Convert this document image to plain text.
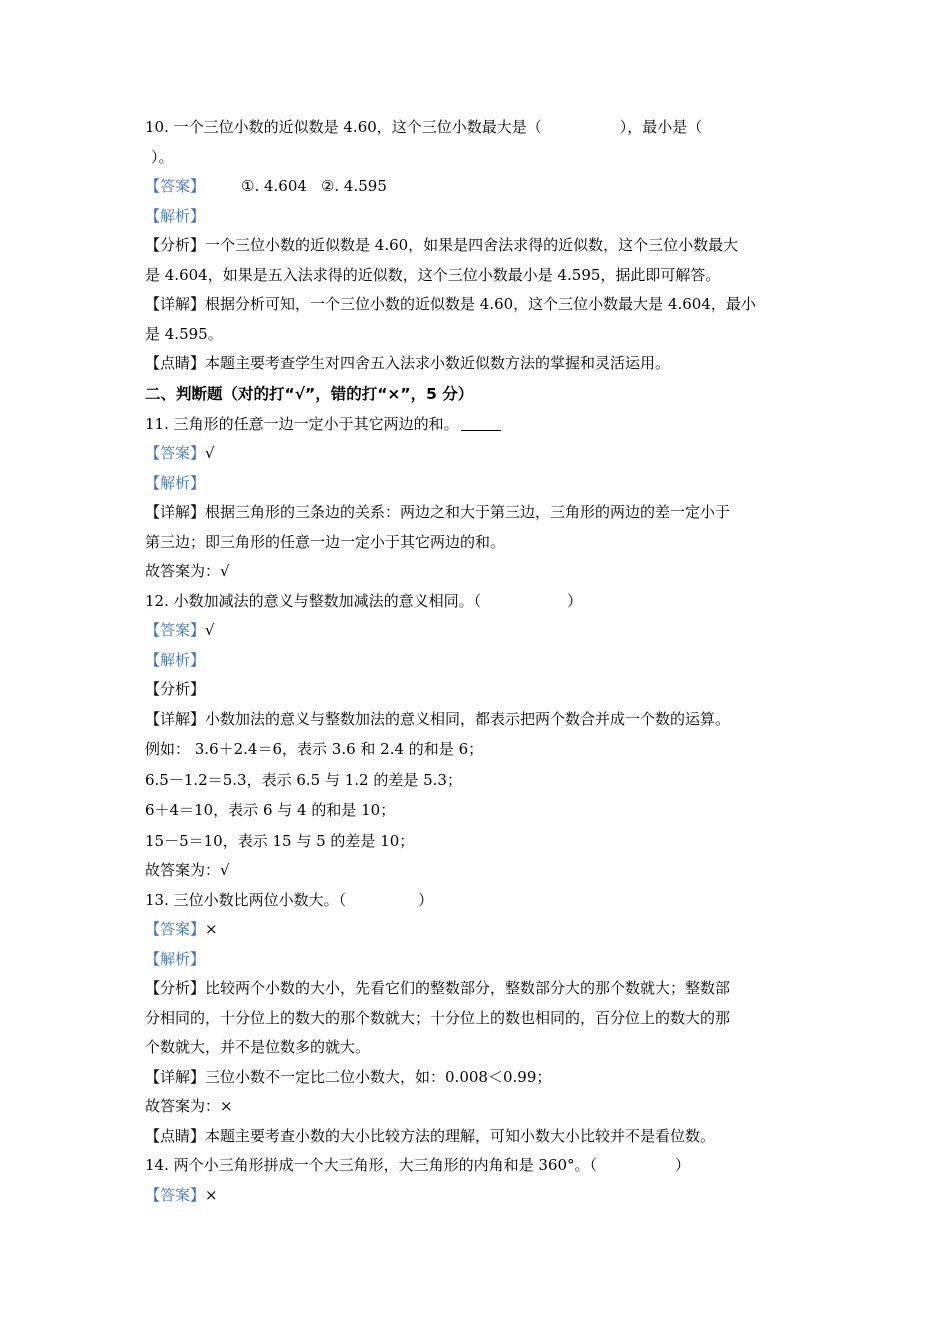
10. 一个三位小数的近似数是 4.60，这个三位小数最大是（	），最小是（
）。
【答案】 ①. 4.604 ②. 4.595
【解析】
【分析】一个三位小数的近似数是 4.60，如果是四舍法求得的近似数，这个三位小数最大
是 4.604，如果是五入法求得的近似数，这个三位小数最小是 4.595，据此即可解答。
【详解】根据分析可知，一个三位小数的近似数是 4.60，这个三位小数最大是 4.604，最小
是 4.595。
【点睛】本题主要考查学生对四舍五入法求小数近似数方法的掌握和灵活运用。
二、判断题（对的打“√”，错的打“×”，5 分）
11. 三角形的任意一边一定小于其它两边的和。
【答案】√
【解析】
【详解】根据三角形的三条边的关系：两边之和大于第三边，三角形的两边的差一定小于
第三边；即三角形的任意一边一定小于其它两边的和。
故答案为：√
12. 小数加减法的意义与整数加减法的意义相同。（	）
【答案】√
【解析】
【分析】
【详解】小数加法的意义与整数加法的意义相同，都表示把两个数合并成一个数的运算。
例如： 3.6＋2.4＝6，表示 3.6 和 2.4 的和是 6；
6.5－1.2＝5.3，表示 6.5 与 1.2 的差是 5.3；
6＋4＝10，表示 6 与 4 的和是 10；
15－5＝10，表示 15 与 5 的差是 10；
故答案为：√
13. 三位小数比两位小数大。（	）
【答案】×
【解析】
【分析】比较两个小数的大小，先看它们的整数部分，整数部分大的那个数就大；整数部
分相同的，十分位上的数大的那个数就大；十分位上的数也相同的，百分位上的数大的那
个数就大，并不是位数多的就大。
【详解】三位小数不一定比二位小数大，如：0.008＜0.99；
故答案为：×
【点睛】本题主要考查小数的大小比较方法的理解，可知小数大小比较并不是看位数。
14. 两个小三角形拼成一个大三角形，大三角形的内角和是 360°。（	）
【答案】×
